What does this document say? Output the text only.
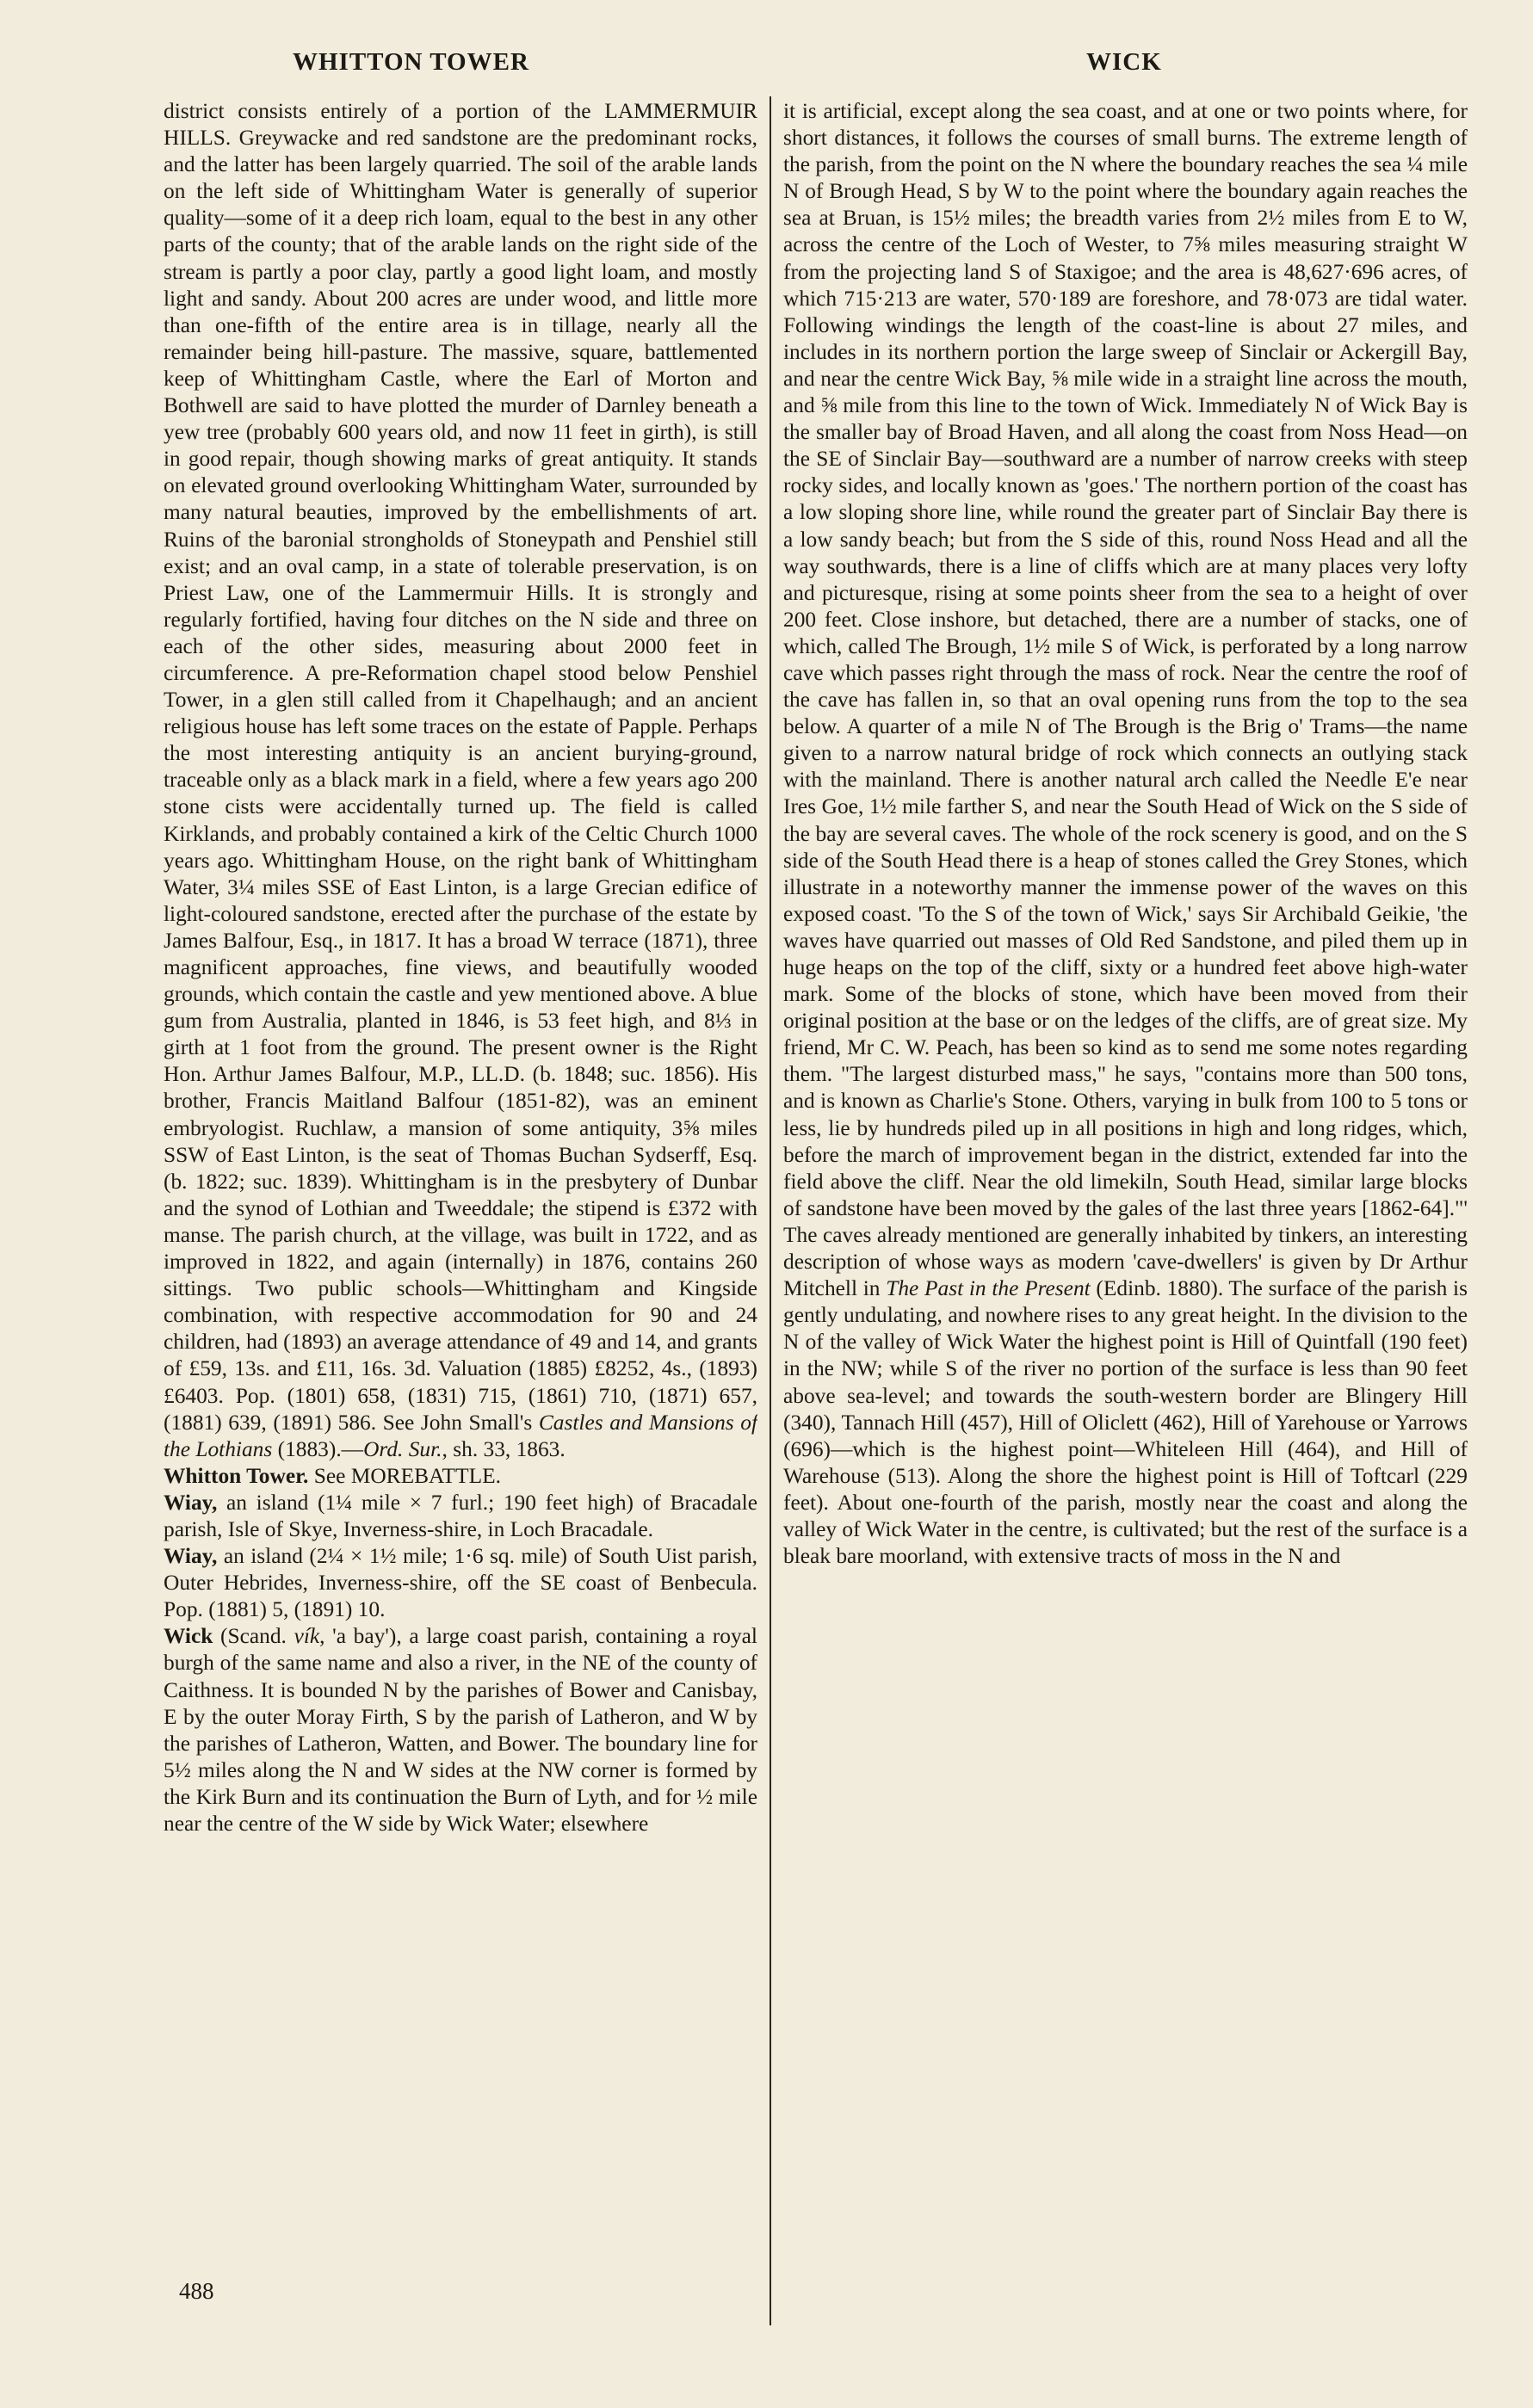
WHITTON TOWER	WICK

district consists entirely of a portion of the LAMMERMUIR HILLS. Greywacke and red sandstone are the predominant rocks, and the latter has been largely quarried. The soil of the arable lands on the left side of Whittingham Water is generally of superior quality—some of it a deep rich loam, equal to the best in any other parts of the county; that of the arable lands on the right side of the stream is partly a poor clay, partly a good light loam, and mostly light and sandy. About 200 acres are under wood, and little more than one-fifth of the entire area is in tillage, nearly all the remainder being hill-pasture. The massive, square, battlemented keep of Whittingham Castle, where the Earl of Morton and Bothwell are said to have plotted the murder of Darnley beneath a yew tree (probably 600 years old, and now 11 feet in girth), is still in good repair, though showing marks of great antiquity. It stands on elevated ground overlooking Whittingham Water, surrounded by many natural beauties, improved by the embellishments of art. Ruins of the baronial strongholds of Stoneypath and Penshiel still exist; and an oval camp, in a state of tolerable preservation, is on Priest Law, one of the Lammermuir Hills. It is strongly and regularly fortified, having four ditches on the N side and three on each of the other sides, measuring about 2000 feet in circumference. A pre-Reformation chapel stood below Penshiel Tower, in a glen still called from it Chapelhaugh; and an ancient religious house has left some traces on the estate of Papple. Perhaps the most interesting antiquity is an ancient burying-ground, traceable only as a black mark in a field, where a few years ago 200 stone cists were accidentally turned up. The field is called Kirklands, and probably contained a kirk of the Celtic Church 1000 years ago. Whittingham House, on the right bank of Whittingham Water, 3¼ miles SSE of East Linton, is a large Grecian edifice of light-coloured sandstone, erected after the purchase of the estate by James Balfour, Esq., in 1817. It has a broad W terrace (1871), three magnificent approaches, fine views, and beautifully wooded grounds, which contain the castle and yew mentioned above. A blue gum from Australia, planted in 1846, is 53 feet high, and 8⅓ in girth at 1 foot from the ground. The present owner is the Right Hon. Arthur James Balfour, M.P., LL.D. (b. 1848; suc. 1856). His brother, Francis Maitland Balfour (1851-82), was an eminent embryologist. Ruchlaw, a mansion of some antiquity, 3⅝ miles SSW of East Linton, is the seat of Thomas Buchan Sydserff, Esq. (b. 1822; suc. 1839). Whittingham is in the presbytery of Dunbar and the synod of Lothian and Tweeddale; the stipend is £372 with manse. The parish church, at the village, was built in 1722, and as improved in 1822, and again (internally) in 1876, contains 260 sittings. Two public schools—Whittingham and Kingside combination, with respective accommodation for 90 and 24 children, had (1893) an average attendance of 49 and 14, and grants of £59, 13s. and £11, 16s. 3d. Valuation (1885) £8252, 4s., (1893) £6403. Pop. (1801) 658, (1831) 715, (1861) 710, (1871) 657, (1881) 639, (1891) 586. See John Small's Castles and Mansions of the Lothians (1883).—Ord. Sur., sh. 33, 1863.

Whitton Tower. See MOREBATTLE.

Wiay, an island (1¼ mile × 7 furl.; 190 feet high) of Bracadale parish, Isle of Skye, Inverness-shire, in Loch Bracadale.

Wiay, an island (2¼ × 1½ mile; 1·6 sq. mile) of South Uist parish, Outer Hebrides, Inverness-shire, off the SE coast of Benbecula. Pop. (1881) 5, (1891) 10.

Wick (Scand. vík, 'a bay'), a large coast parish, containing a royal burgh of the same name and also a river, in the NE of the county of Caithness. It is bounded N by the parishes of Bower and Canisbay, E by the outer Moray Firth, S by the parish of Latheron, and W by the parishes of Latheron, Watten, and Bower. The boundary line for 5½ miles along the N and W sides at the NW corner is formed by the Kirk Burn and its continuation the Burn of Lyth, and for ½ mile near the centre of the W side by Wick Water; elsewhere

it is artificial, except along the sea coast, and at one or two points where, for short distances, it follows the courses of small burns. The extreme length of the parish, from the point on the N where the boundary reaches the sea ¼ mile N of Brough Head, S by W to the point where the boundary again reaches the sea at Bruan, is 15½ miles; the breadth varies from 2½ miles from E to W, across the centre of the Loch of Wester, to 7⅝ miles measuring straight W from the projecting land S of Staxigoe; and the area is 48,627·696 acres, of which 715·213 are water, 570·189 are foreshore, and 78·073 are tidal water. Following windings the length of the coast-line is about 27 miles, and includes in its northern portion the large sweep of Sinclair or Ackergill Bay, and near the centre Wick Bay, ⅝ mile wide in a straight line across the mouth, and ⅝ mile from this line to the town of Wick. Immediately N of Wick Bay is the smaller bay of Broad Haven, and all along the coast from Noss Head—on the SE of Sinclair Bay—southward are a number of narrow creeks with steep rocky sides, and locally known as 'goes.' The northern portion of the coast has a low sloping shore line, while round the greater part of Sinclair Bay there is a low sandy beach; but from the S side of this, round Noss Head and all the way southwards, there is a line of cliffs which are at many places very lofty and picturesque, rising at some points sheer from the sea to a height of over 200 feet. Close inshore, but detached, there are a number of stacks, one of which, called The Brough, 1½ mile S of Wick, is perforated by a long narrow cave which passes right through the mass of rock. Near the centre the roof of the cave has fallen in, so that an oval opening runs from the top to the sea below. A quarter of a mile N of The Brough is the Brig o' Trams—the name given to a narrow natural bridge of rock which connects an outlying stack with the mainland. There is another natural arch called the Needle E'e near Ires Goe, 1½ mile farther S, and near the South Head of Wick on the S side of the bay are several caves. The whole of the rock scenery is good, and on the S side of the South Head there is a heap of stones called the Grey Stones, which illustrate in a noteworthy manner the immense power of the waves on this exposed coast. 'To the S of the town of Wick,' says Sir Archibald Geikie, 'the waves have quarried out masses of Old Red Sandstone, and piled them up in huge heaps on the top of the cliff, sixty or a hundred feet above high-water mark. Some of the blocks of stone, which have been moved from their original position at the base or on the ledges of the cliffs, are of great size. My friend, Mr C. W. Peach, has been so kind as to send me some notes regarding them. "The largest disturbed mass," he says, "contains more than 500 tons, and is known as Charlie's Stone. Others, varying in bulk from 100 to 5 tons or less, lie by hundreds piled up in all positions in high and long ridges, which, before the march of improvement began in the district, extended far into the field above the cliff. Near the old limekiln, South Head, similar large blocks of sandstone have been moved by the gales of the last three years [1862-64]."' The caves already mentioned are generally inhabited by tinkers, an interesting description of whose ways as modern 'cave-dwellers' is given by Dr Arthur Mitchell in The Past in the Present (Edinb. 1880). The surface of the parish is gently undulating, and nowhere rises to any great height. In the division to the N of the valley of Wick Water the highest point is Hill of Quintfall (190 feet) in the NW; while S of the river no portion of the surface is less than 90 feet above sea-level; and towards the south-western border are Blingery Hill (340), Tannach Hill (457), Hill of Oliclett (462), Hill of Yarehouse or Yarrows (696)—which is the highest point—Whiteleen Hill (464), and Hill of Warehouse (513). Along the shore the highest point is Hill of Toftcarl (229 feet). About one-fourth of the parish, mostly near the coast and along the valley of Wick Water in the centre, is cultivated; but the rest of the surface is a bleak bare moorland, with extensive tracts of moss in the N and

488
